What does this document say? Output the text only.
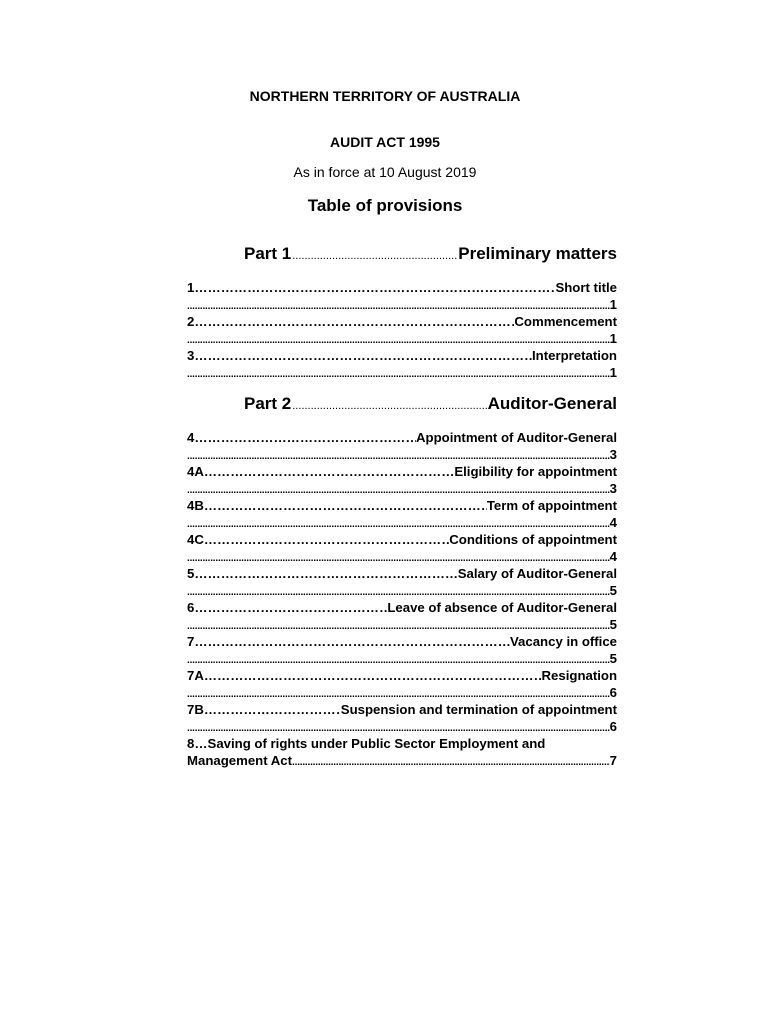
NORTHERN TERRITORY OF AUSTRALIA
AUDIT ACT 1995
As in force at 10 August 2019
Table of provisions
Part 1 .....	Preliminary matters
1 ………………………………………………………………………………………………………………………………………………………………………………………………	Short title
.....
1
2 ………………………………………………………………………………………………………………………………………………………………………………………………	Commencement
.....
1
3 ………………………………………………………………………………………………………………………………………………………………………………………………	Interpretation
.....
1
Part 2 .....	Auditor-General
4 ………………………………………………………………………………………………………………………………………………………………………………………………	Appointment of Auditor-General
.....
3
4A ………………………………………………………………………………………………………………………………………………………………………………………………	Eligibility for appointment
.....
3
4B ………………………………………………………………………………………………………………………………………………………………………………………………	Term of appointment
.....
4
4C ………………………………………………………………………………………………………………………………………………………………………………………………	Conditions of appointment
.....
4
5 ………………………………………………………………………………………………………………………………………………………………………………………………	Salary of Auditor-General
.....
5
6 ………………………………………………………………………………………………………………………………………………………………………………………………	Leave of absence of Auditor-General
.....
5
7 ………………………………………………………………………………………………………………………………………………………………………………………………	Vacancy in office
.....
5
7A ………………………………………………………………………………………………………………………………………………………………………………………………	Resignation
.....
6
7B ………………………………………………………………………………………………………………………………………………………………………………………………	Suspension and termination of appointment
.....
6
8 … Saving of rights under Public Sector Employment and
Management Act .....	7
